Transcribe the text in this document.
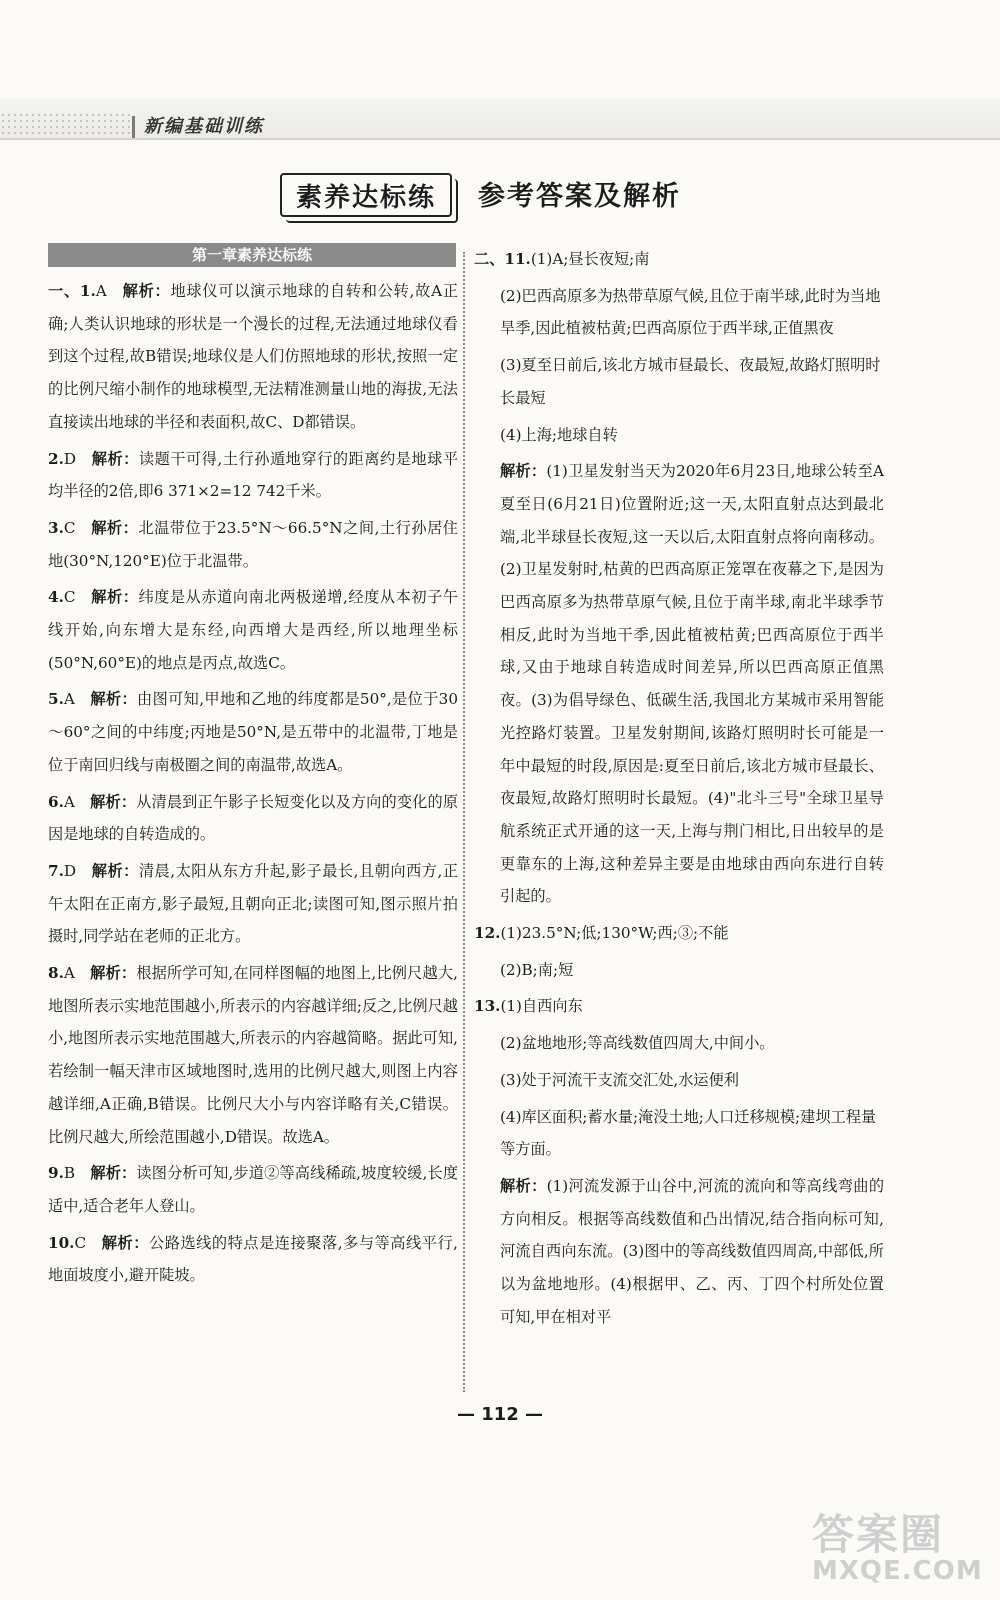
新编基础训练
素养达标练	参考答案及解析
第一章素养达标练
一、1.A  解析：地球仪可以演示地球的自转和公转,故A正确;人类认识地球的形状是一个漫长的过程,无法通过地球仪看到这个过程,故B错误;地球仪是人们仿照地球的形状,按照一定的比例尺缩小制作的地球模型,无法精准测量山地的海拔,无法直接读出地球的半径和表面积,故C、D都错误。
2.D  解析：读题干可得,土行孙遁地穿行的距离约是地球平均半径的2倍,即6 371×2=12 742千米。
3.C  解析：北温带位于23.5°N～66.5°N之间,土行孙居住地(30°N,120°E)位于北温带。
4.C  解析：纬度是从赤道向南北两极递增,经度从本初子午线开始,向东增大是东经,向西增大是西经,所以地理坐标(50°N,60°E)的地点是丙点,故选C。
5.A  解析：由图可知,甲地和乙地的纬度都是50°,是位于30～60°之间的中纬度;丙地是50°N,是五带中的北温带,丁地是位于南回归线与南极圈之间的南温带,故选A。
6.A  解析：从清晨到正午影子长短变化以及方向的变化的原因是地球的自转造成的。
7.D  解析：清晨,太阳从东方升起,影子最长,且朝向西方,正午太阳在正南方,影子最短,且朝向正北;读图可知,图示照片拍摄时,同学站在老师的正北方。
8.A  解析：根据所学可知,在同样图幅的地图上,比例尺越大,地图所表示实地范围越小,所表示的内容越详细;反之,比例尺越小,地图所表示实地范围越大,所表示的内容越简略。据此可知,若绘制一幅天津市区域地图时,选用的比例尺越大,则图上内容越详细,A正确,B错误。比例尺大小与内容详略有关,C错误。比例尺越大,所绘范围越小,D错误。故选A。
9.B  解析：读图分析可知,步道②等高线稀疏,坡度较缓,长度适中,适合老年人登山。
10.C  解析：公路选线的特点是连接聚落,多与等高线平行,地面坡度小,避开陡坡。
二、11.(1)A;昼长夜短;南
(2)巴西高原多为热带草原气候,且位于南半球,此时为当地旱季,因此植被枯黄;巴西高原位于西半球,正值黑夜
(3)夏至日前后,该北方城市昼最长、夜最短,故路灯照明时长最短
(4)上海;地球自转
解析：(1)卫星发射当天为2020年6月23日,地球公转至A夏至日(6月21日)位置附近;这一天,太阳直射点达到最北端,北半球昼长夜短,这一天以后,太阳直射点将向南移动。(2)卫星发射时,枯黄的巴西高原正笼罩在夜幕之下,是因为巴西高原多为热带草原气候,且位于南半球,南北半球季节相反,此时为当地干季,因此植被枯黄;巴西高原位于西半球,又由于地球自转造成时间差异,所以巴西高原正值黑夜。(3)为倡导绿色、低碳生活,我国北方某城市采用智能光控路灯装置。卫星发射期间,该路灯照明时长可能是一年中最短的时段,原因是:夏至日前后,该北方城市昼最长、夜最短,故路灯照明时长最短。(4)"北斗三号"全球卫星导航系统正式开通的这一天,上海与荆门相比,日出较早的是更靠东的上海,这种差异主要是由地球由西向东进行自转引起的。
12.(1)23.5°N;低;130°W;西;③;不能
(2)B;南;短
13.(1)自西向东
(2)盆地地形;等高线数值四周大,中间小。
(3)处于河流干支流交汇处,水运便利
(4)库区面积;蓄水量;淹没土地;人口迁移规模;建坝工程量等方面。
解析：(1)河流发源于山谷中,河流的流向和等高线弯曲的方向相反。根据等高线数值和凸出情况,结合指向标可知,河流自西向东流。(3)图中的等高线数值四周高,中部低,所以为盆地地形。(4)根据甲、乙、丙、丁四个村所处位置可知,甲在相对平
— 112 —
答案圈
MXQE.COM
